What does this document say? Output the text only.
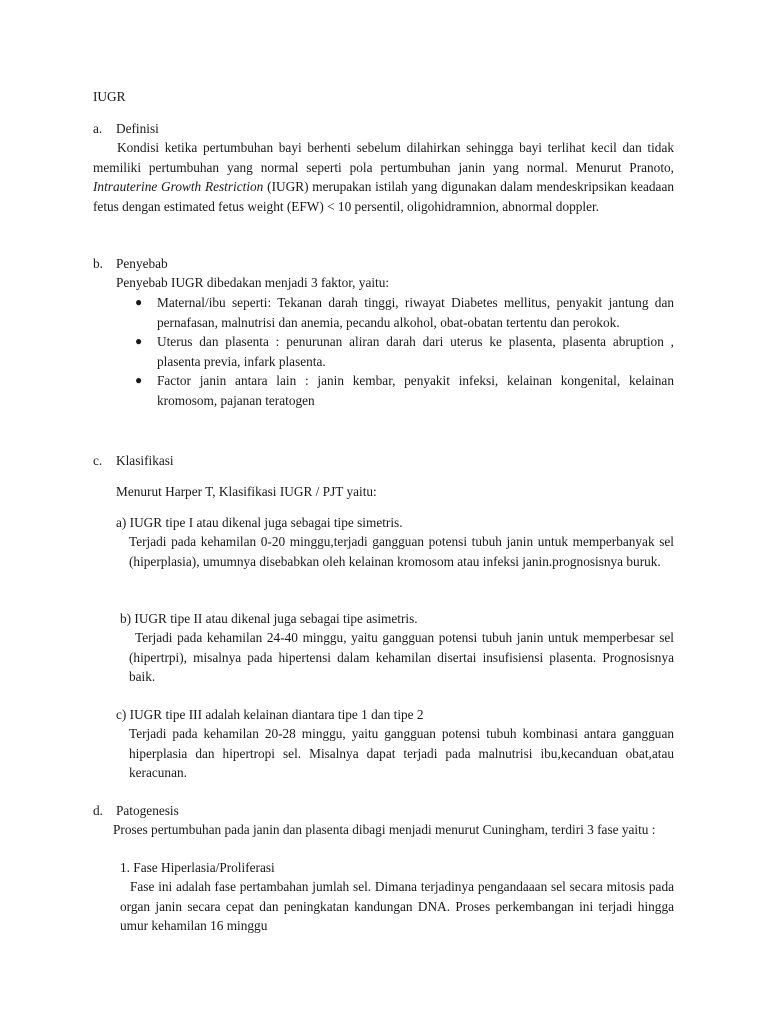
IUGR

a. Definisi

Kondisi ketika pertumbuhan bayi berhenti sebelum dilahirkan sehingga bayi terlihat kecil dan tidak memiliki pertumbuhan yang normal seperti pola pertumbuhan janin yang normal. Menurut Pranoto, Intrauterine Growth Restriction (IUGR) merupakan istilah yang digunakan dalam mendeskripsikan keadaan fetus dengan estimated fetus weight (EFW) < 10 persentil, oligohidramnion, abnormal doppler.

b. Penyebab

Penyebab IUGR dibedakan menjadi 3 faktor, yaitu:

● Maternal/ibu seperti: Tekanan darah tinggi, riwayat Diabetes mellitus, penyakit jantung dan pernafasan, malnutrisi dan anemia, pecandu alkohol, obat-obatan tertentu dan perokok.
● Uterus dan plasenta : penurunan aliran darah dari uterus ke plasenta, plasenta abruption , plasenta previa, infark plasenta.
● Factor janin antara lain : janin kembar, penyakit infeksi, kelainan kongenital, kelainan kromosom, pajanan teratogen

c. Klasifikasi

Menurut Harper T, Klasifikasi IUGR / PJT yaitu:

a) IUGR tipe I atau dikenal juga sebagai tipe simetris.

Terjadi pada kehamilan 0-20 minggu,terjadi gangguan potensi tubuh janin untuk memperbanyak sel (hiperplasia), umumnya disebabkan oleh kelainan kromosom atau infeksi janin.prognosisnya buruk.

b) IUGR tipe II atau dikenal juga sebagai tipe asimetris.

Terjadi pada kehamilan 24-40 minggu, yaitu gangguan potensi tubuh janin untuk memperbesar sel (hipertrpi), misalnya pada hipertensi dalam kehamilan disertai insufisiensi plasenta. Prognosisnya baik.

c) IUGR tipe III adalah kelainan diantara tipe 1 dan tipe 2

Terjadi pada kehamilan 20-28 minggu, yaitu gangguan potensi tubuh kombinasi antara gangguan hiperplasia dan hipertropi sel. Misalnya dapat terjadi pada malnutrisi ibu,kecanduan obat,atau keracunan.

d. Patogenesis

Proses pertumbuhan pada janin dan plasenta dibagi menjadi menurut Cuningham, terdiri 3 fase yaitu :

1. Fase Hiperlasia/Proliferasi

Fase ini adalah fase pertambahan jumlah sel. Dimana terjadinya pengandaaan sel secara mitosis pada organ janin secara cepat dan peningkatan kandungan DNA. Proses perkembangan ini terjadi hingga umur kehamilan 16 minggu
